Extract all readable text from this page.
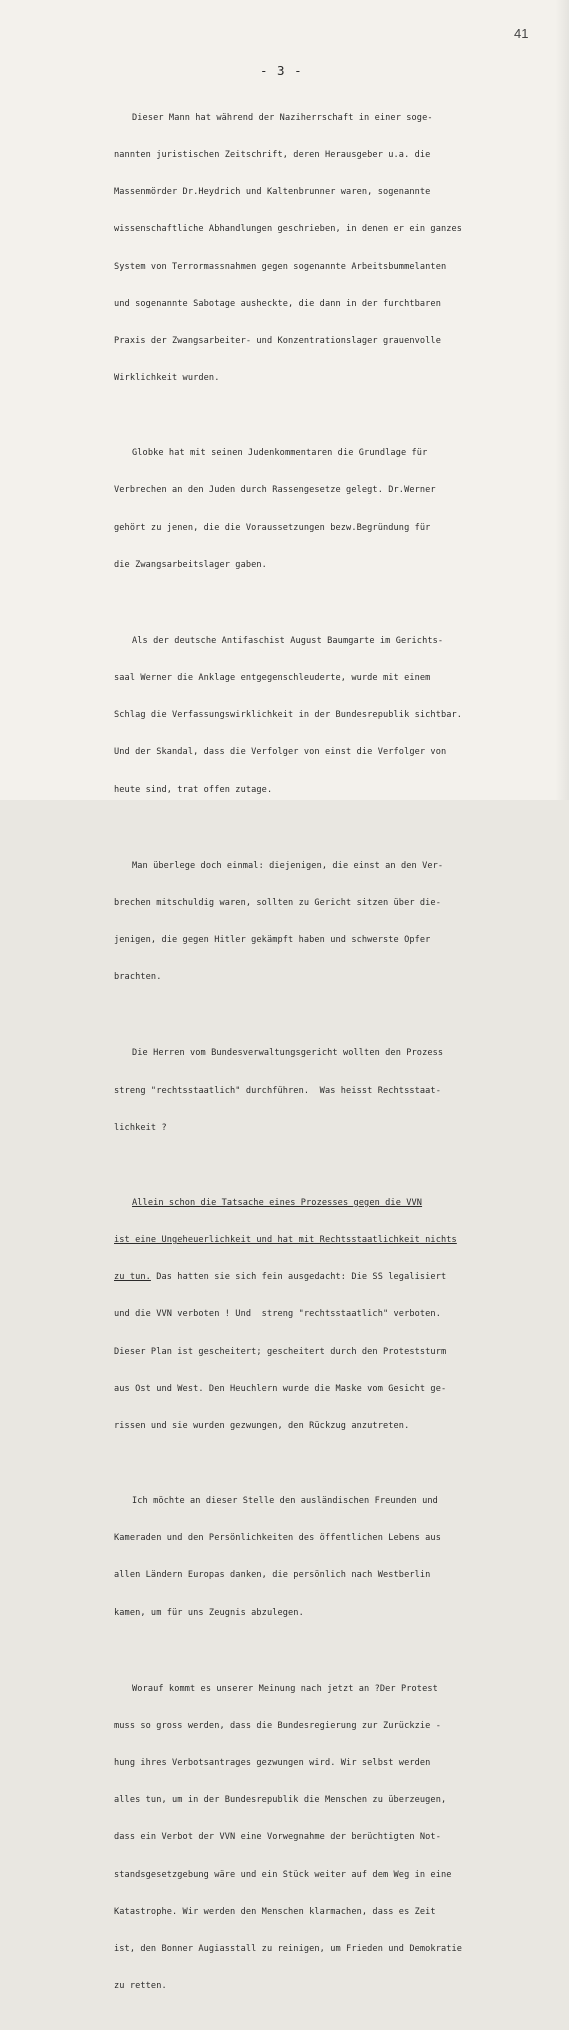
41
- 3 -

Dieser Mann hat während der Naziherrschaft in einer soge-

nannten juristischen Zeitschrift, deren Herausgeber u.a. die

Massenmörder Dr.Heydrich und Kaltenbrunner waren, sogenannte

wissenschaftliche Abhandlungen geschrieben, in denen er ein ganzes

System von Terrormassnahmen gegen sogenannte Arbeitsbummelanten

und sogenannte Sabotage ausheckte, die dann in der furchtbaren

Praxis der Zwangsarbeiter- und Konzentrationslager grauenvolle

Wirklichkeit wurden.

Globke hat mit seinen Judenkommentaren die Grundlage für

Verbrechen an den Juden durch Rassengesetze gelegt. Dr.Werner

gehört zu jenen, die die Voraussetzungen bezw.Begründung für

die Zwangsarbeitslager gaben.

Als der deutsche Antifaschist August Baumgarte im Gerichts-

saal Werner die Anklage entgegenschleuderte, wurde mit einem

Schlag die Verfassungswirklichkeit in der Bundesrepublik sichtbar.

Und der Skandal, dass die Verfolger von einst die Verfolger von

heute sind, trat offen zutage.

Man überlege doch einmal: diejenigen, die einst an den Ver-

brechen mitschuldig waren, sollten zu Gericht sitzen über die-

jenigen, die gegen Hitler gekämpft haben und schwerste Opfer

brachten.

Die Herren vom Bundesverwaltungsgericht wollten den Prozess

streng "rechtsstaatlich" durchführen.  Was heisst Rechtsstaat-

lichkeit ?

Allein schon die Tatsache eines Prozesses gegen die VVN

ist eine Ungeheuerlichkeit und hat mit Rechtsstaatlichkeit nichts

zu tun. Das hatten sie sich fein ausgedacht: Die SS legalisiert

und die VVN verboten ! Und  streng "rechtsstaatlich" verboten.

Dieser Plan ist gescheitert; gescheitert durch den Proteststurm

aus Ost und West. Den Heuchlern wurde die Maske vom Gesicht ge-

rissen und sie wurden gezwungen, den Rückzug anzutreten.

Ich möchte an dieser Stelle den ausländischen Freunden und

Kameraden und den Persönlichkeiten des öffentlichen Lebens aus

allen Ländern Europas danken, die persönlich nach Westberlin

kamen, um für uns Zeugnis abzulegen.

Worauf kommt es unserer Meinung nach jetzt an ?Der Protest

muss so gross werden, dass die Bundesregierung zur Zurückzie -

hung ihres Verbotsantrages gezwungen wird. Wir selbst werden

alles tun, um in der Bundesrepublik die Menschen zu überzeugen,

dass ein Verbot der VVN eine Vorwegnahme der berüchtigten Not-

standsgesetzgebung wäre und ein Stück weiter auf dem Weg in eine

Katastrophe. Wir werden den Menschen klarmachen, dass es Zeit

ist, den Bonner Augiasstall zu reinigen, um Frieden und Demokratie

zu retten.
